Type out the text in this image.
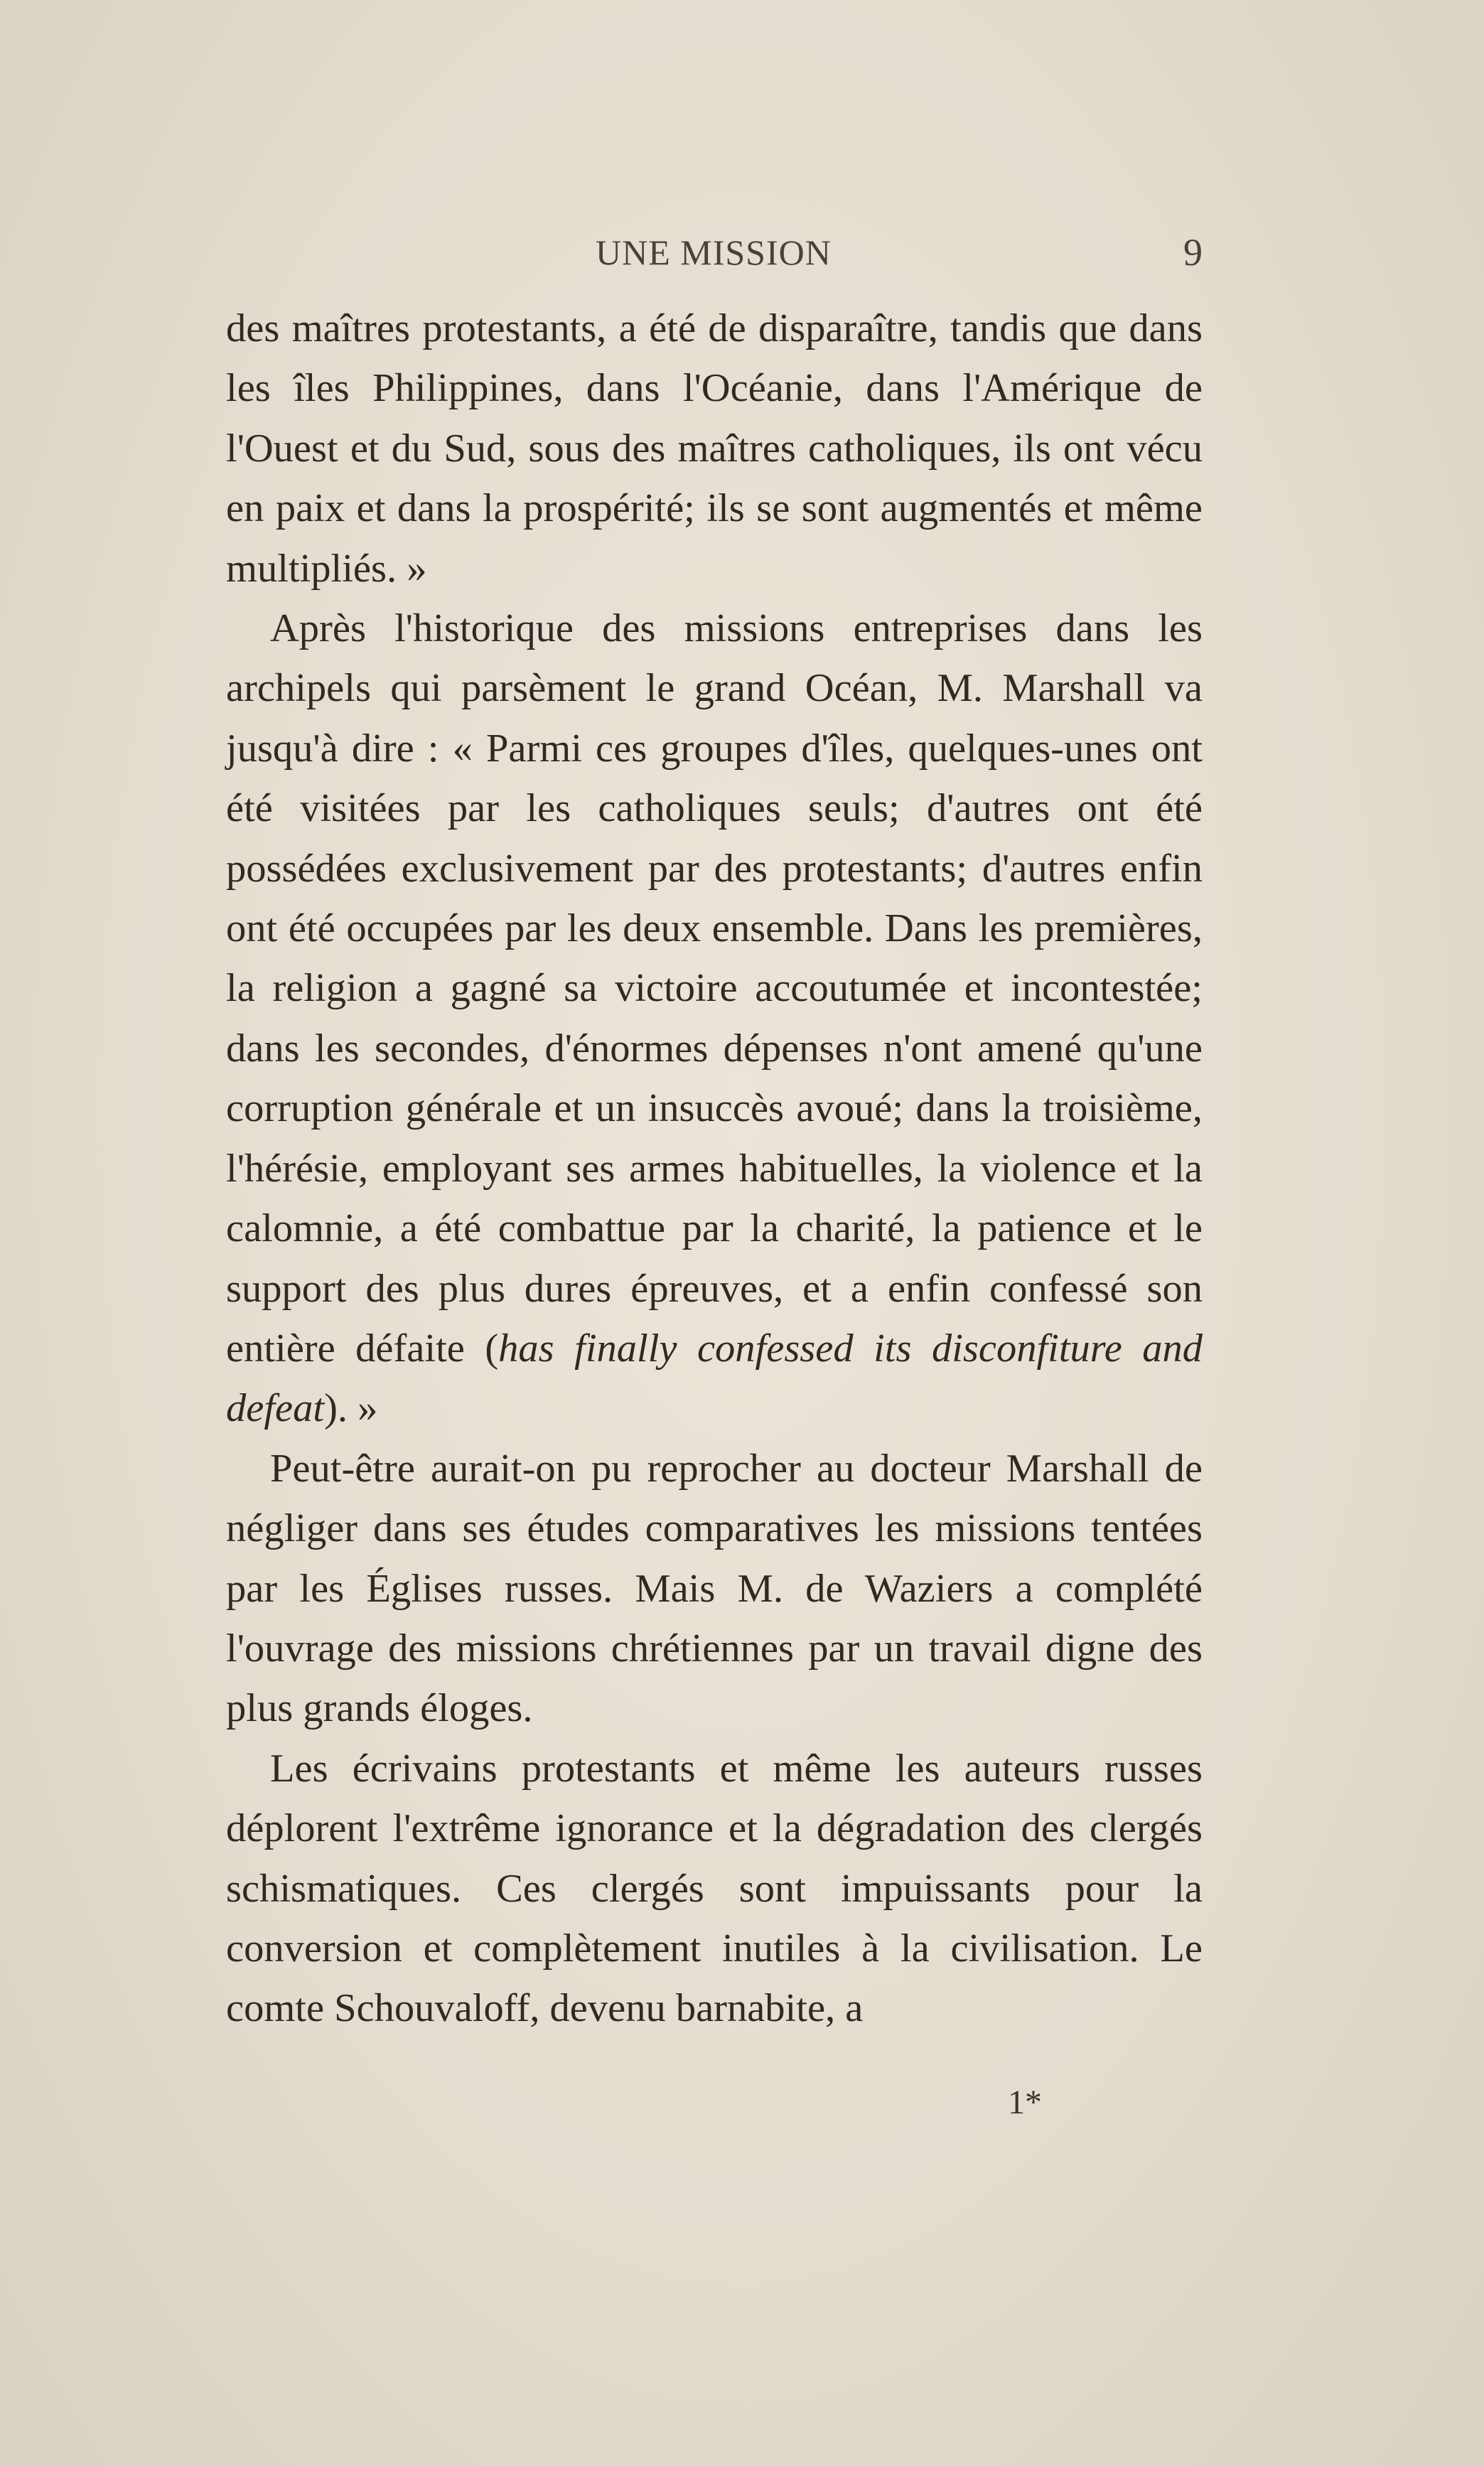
UNE MISSION	9

des maîtres protestants, a été de disparaître, tandis que dans les îles Philippines, dans l'Océanie, dans l'Amérique de l'Ouest et du Sud, sous des maîtres catholiques, ils ont vécu en paix et dans la prospérité; ils se sont augmentés et même multipliés. »

Après l'historique des missions entreprises dans les archipels qui parsèment le grand Océan, M. Marshall va jusqu'à dire : « Parmi ces groupes d'îles, quelques-unes ont été visitées par les catholiques seuls; d'autres ont été possédées exclusivement par des protestants; d'autres enfin ont été occupées par les deux ensemble. Dans les premières, la religion a gagné sa victoire accoutumée et incontestée; dans les secondes, d'énormes dépenses n'ont amené qu'une corruption générale et un insuccès avoué; dans la troisième, l'hérésie, employant ses armes habituelles, la violence et la calomnie, a été combattue par la charité, la patience et le support des plus dures épreuves, et a enfin confessé son entière défaite (has finally confessed its disconfiture and defeat). »

Peut-être aurait-on pu reprocher au docteur Marshall de négliger dans ses études comparatives les missions tentées par les Églises russes. Mais M. de Waziers a complété l'ouvrage des missions chrétiennes par un travail digne des plus grands éloges.

Les écrivains protestants et même les auteurs russes déplorent l'extrême ignorance et la dégradation des clergés schismatiques. Ces clergés sont impuissants pour la conversion et complètement inutiles à la civilisation. Le comte Schouvaloff, devenu barnabite, a

1*
